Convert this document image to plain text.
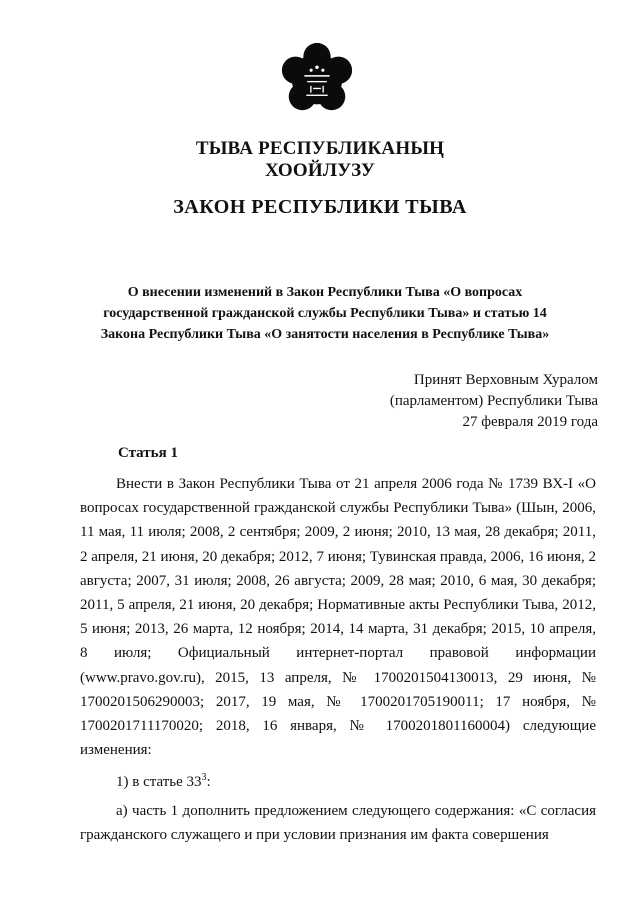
ТЫВА РЕСПУБЛИКАНЫҢ
ХООЙЛУЗУ
ЗАКОН РЕСПУБЛИКИ ТЫВА
О внесении изменений в Закон Республики Тыва «О вопросах
государственной гражданской службы Республики Тыва» и статью 14
Закона Республики Тыва «О занятости населения в Республике Тыва»
Принят Верховным Хуралом
(парламентом) Республики Тыва
27 февраля 2019 года
Статья 1

Внести в Закон Республики Тыва от 21 апреля 2006 года № 1739 ВХ-I «О вопросах государственной гражданской службы Республики Тыва» (Шын, 2006, 11 мая, 11 июля; 2008, 2 сентября; 2009, 2 июня; 2010, 13 мая, 28 декабря; 2011, 2 апреля, 21 июня, 20 декабря; 2012, 7 июня; Тувинская правда, 2006, 16 июня, 2 августа; 2007, 31 июля; 2008, 26 августа; 2009, 28 мая; 2010, 6 мая, 30 декабря; 2011, 5 апреля, 21 июня, 20 декабря; Нормативные акты Республики Тыва, 2012, 5 июня; 2013, 26 марта, 12 ноября; 2014, 14 марта, 31 декабря; 2015, 10 апреля, 8 июля; Официальный интернет-портал правовой информации (www.pravo.gov.ru), 2015, 13 апреля, № 1700201504130013, 29 июня, № 1700201506290003; 2017, 19 мая, № 1700201705190011; 17 ноября, № 1700201711170020; 2018, 16 января, № 1700201801160004) следующие изменения:

1) в статье $33^3$:

а) часть 1 дополнить предложением следующего содержания: «С согласия гражданского служащего и при условии признания им факта совершения
